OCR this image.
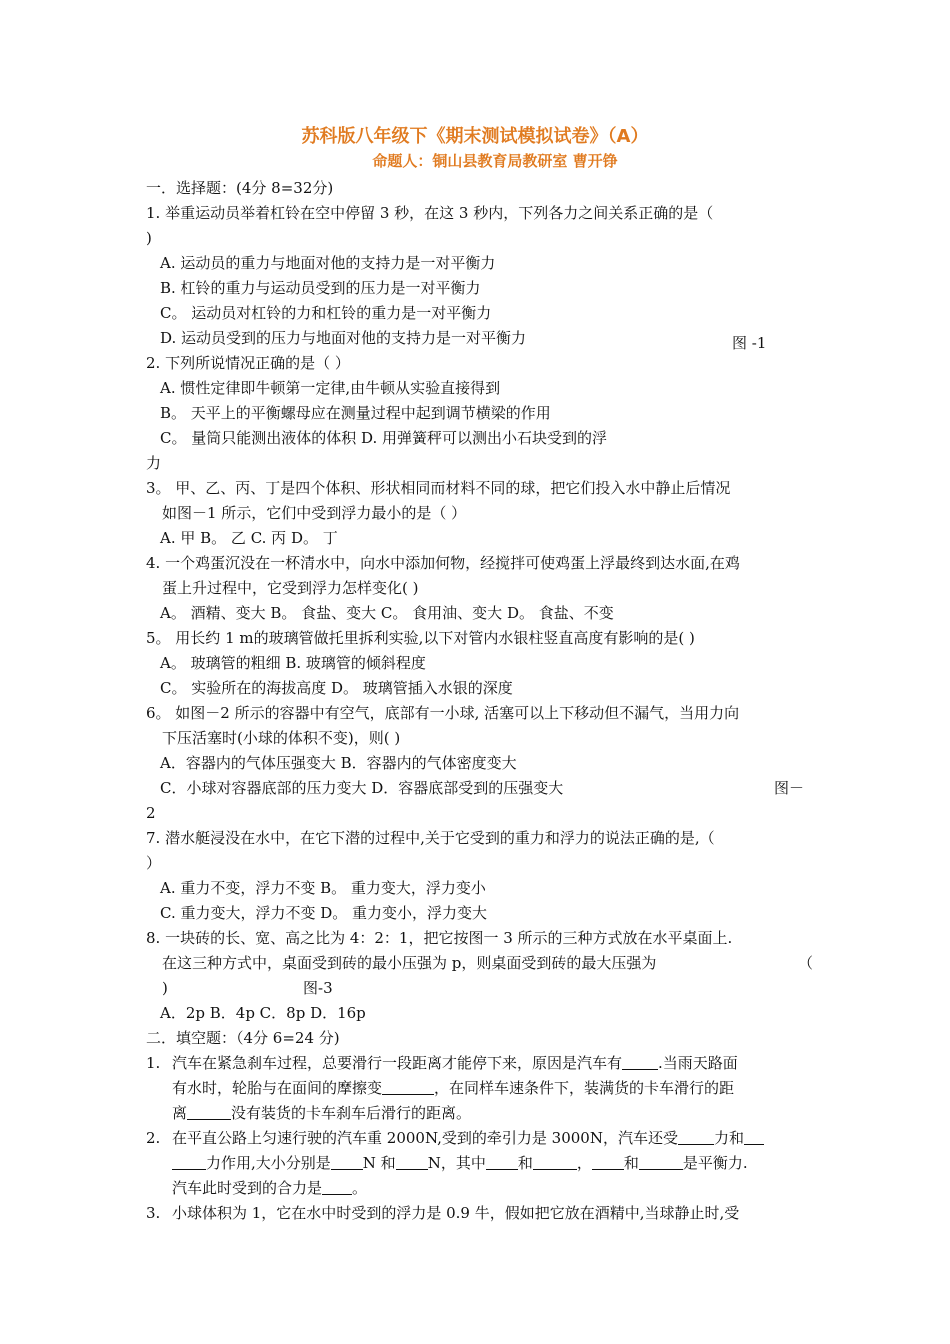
苏科版八年级下《期末测试模拟试卷》（A）
命题人：铜山县教育局教研室 曹开铮
一．选择题：(4分 8=32分)
1. 举重运动员举着杠铃在空中停留 3 秒，在这 3 秒内，下列各力之间关系正确的是（
)
A. 运动员的重力与地面对他的支持力是一对平衡力
B. 杠铃的重力与运动员受到的压力是一对平衡力
C。 运动员对杠铃的力和杠铃的重力是一对平衡力
D. 运动员受到的压力与地面对他的支持力是一对平衡力	图 -1
2. 下列所说情况正确的是（ ）
A. 惯性定律即牛顿第一定律,由牛顿从实验直接得到
B。 天平上的平衡螺母应在测量过程中起到调节横梁的作用
C。 量筒只能测出液体的体积 D. 用弹簧秤可以测出小石块受到的浮
力
3。 甲、乙、丙、丁是四个体积、形状相同而材料不同的球，把它们投入水中静止后情况
如图－1 所示，它们中受到浮力最小的是（ ）
A. 甲 B。 乙 C. 丙 D。 丁
4. 一个鸡蛋沉没在一杯清水中，向水中添加何物，经搅拌可使鸡蛋上浮最终到达水面,在鸡
蛋上升过程中，它受到浮力怎样变化( )
A。 酒精、变大 B。 食盐、变大 C。 食用油、变大 D。 食盐、不变
5。 用长约 1 m的玻璃管做托里拆利实验,以下对管内水银柱竖直高度有影响的是( )
A。 玻璃管的粗细 B. 玻璃管的倾斜程度
C。 实验所在的海拔高度 D。 玻璃管插入水银的深度
6。 如图－2 所示的容器中有空气，底部有一小球, 活塞可以上下移动但不漏气，当用力向
下压活塞时(小球的体积不变)，则( )
A．容器内的气体压强变大 B．容器内的气体密度变大
C．小球对容器底部的压力变大 D．容器底部受到的压强变大	图－
2
7. 潜水艇浸没在水中，在它下潜的过程中,关于它受到的重力和浮力的说法正确的是,（
）
A. 重力不变，浮力不变 B。 重力变大，浮力变小
C. 重力变大，浮力不变 D。 重力变小，浮力变大
8. 一块砖的长、宽、高之比为 4：2：1，把它按图一 3 所示的三种方式放在水平桌面上.
在这三种方式中，桌面受到砖的最小压强为 p，则桌面受到砖的最大压强为	（
)	图-3
A．2p B．4p C．8p D．16p
二．填空题：（4分 6=24 分)
1. 汽车在紧急刹车过程，总要滑行一段距离才能停下来，原因是汽车有 .当雨天路面
有水时，轮胎与在面间的摩擦变	，在同样车速条件下，装满货的卡车滑行的距
离	没有装货的卡车刹车后滑行的距离。
2. 在平直公路上匀速行驶的汽车重 2000N,受到的牵引力是 3000N，汽车还受 力和
力作用,大小分别是 N 和 N，其中 和	， 和	是平衡力.
汽车此时受到的合力是 。
3. 小球体积为 1，它在水中时受到的浮力是 0.9 牛，假如把它放在酒精中,当球静止时,受
